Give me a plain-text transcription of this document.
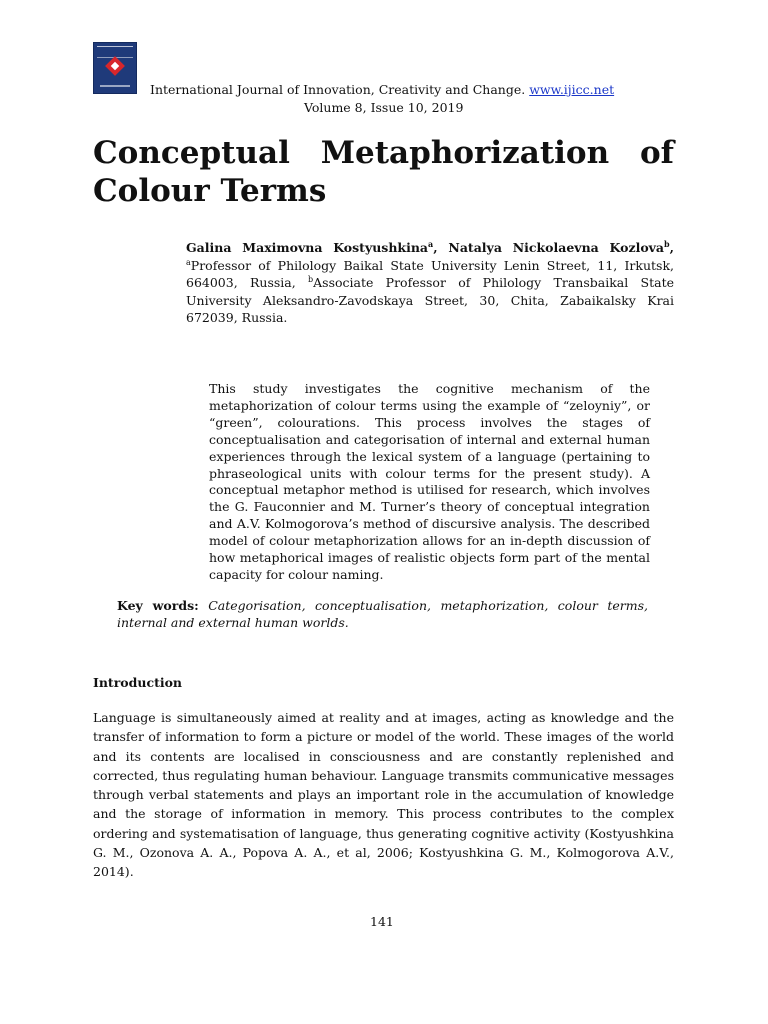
International Journal of Innovation, Creativity and Change. www.ijicc.net
Volume 8, Issue 10, 2019
Conceptual Metaphorization of
Colour Terms
Galina Maximovna Kostyushkina$^a$, Natalya Nickolaevna Kozlova$^b$,
$^a$Professor of Philology Baikal State University Lenin Street, 11, Irkutsk, 664003, Russia, $^b$Associate Professor of Philology Transbaikal State University Aleksandro-Zavodskaya Street, 30, Chita, Zabaikalsky Krai 672039, Russia.

This study investigates the cognitive mechanism of the metaphorization of colour terms using the example of “zeloyniy”, or “green”, colourations. This process involves the stages of conceptualisation and categorisation of internal and external human experiences through the lexical system of a language (pertaining to phraseological units with colour terms for the present study). A conceptual metaphor method is utilised for research, which involves the G. Fauconnier and M. Turner’s theory of conceptual integration and A.V. Kolmogorova’s method of discursive analysis. The described model of colour metaphorization allows for an in-depth discussion of how metaphorical images of realistic objects form part of the mental capacity for colour naming.

Key words: Categorisation, conceptualisation, metaphorization, colour terms, internal and external human worlds.
Introduction

Language is simultaneously aimed at reality and at images, acting as knowledge and the transfer of information to form a picture or model of the world. These images of the world and its contents are localised in consciousness and are constantly replenished and corrected, thus regulating human behaviour. Language transmits communicative messages through verbal statements and plays an important role in the accumulation of knowledge and the storage of information in memory. This process contributes to the complex ordering and systematisation of language, thus generating cognitive activity (Kostyushkina G. M., Ozonova A. A., Popova A. A., et al, 2006; Kostyushkina G. M., Kolmogorova A.V., 2014).

141
